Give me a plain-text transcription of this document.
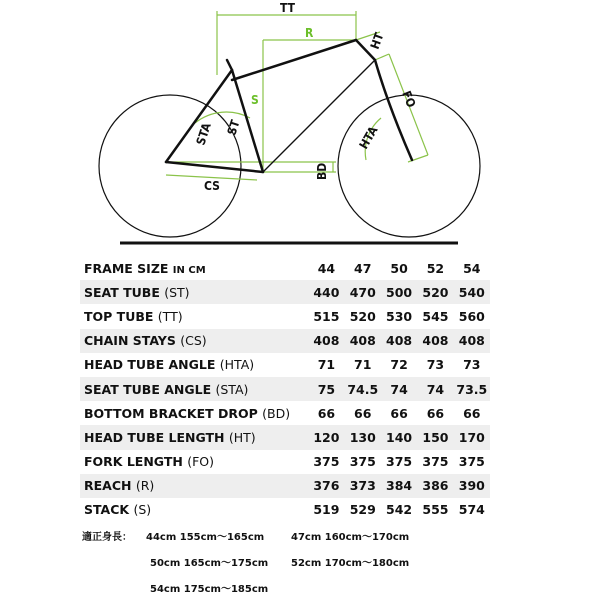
TT
R	HT
S	FO
STA ST	HTA
BD
CS
FRAME SIZE IN CM	44	47	50	52	54
SEAT TUBE (ST)	440	470	500	520	540
TOP TUBE (TT)	515	520	530	545	560
CHAIN STAYS (CS)	408	408	408	408	408
HEAD TUBE ANGLE (HTA)	71	71	72	73	73
SEAT TUBE ANGLE (STA)	75	74.5	74	74	73.5
BOTTOM BRACKET DROP (BD)	66	66	66	66	66
HEAD TUBE LENGTH (HT)	120	130	140	150	170
FORK LENGTH (FO)	375	375	375	375	375
REACH (R)	376	373	384	386	390
STACK (S)	519	529	542	555	574
適正身長： 44cm 155cm〜165cm	47cm 160cm〜170cm
50cm 165cm〜175cm 52cm 170cm〜180cm
54cm 175cm〜185cm
